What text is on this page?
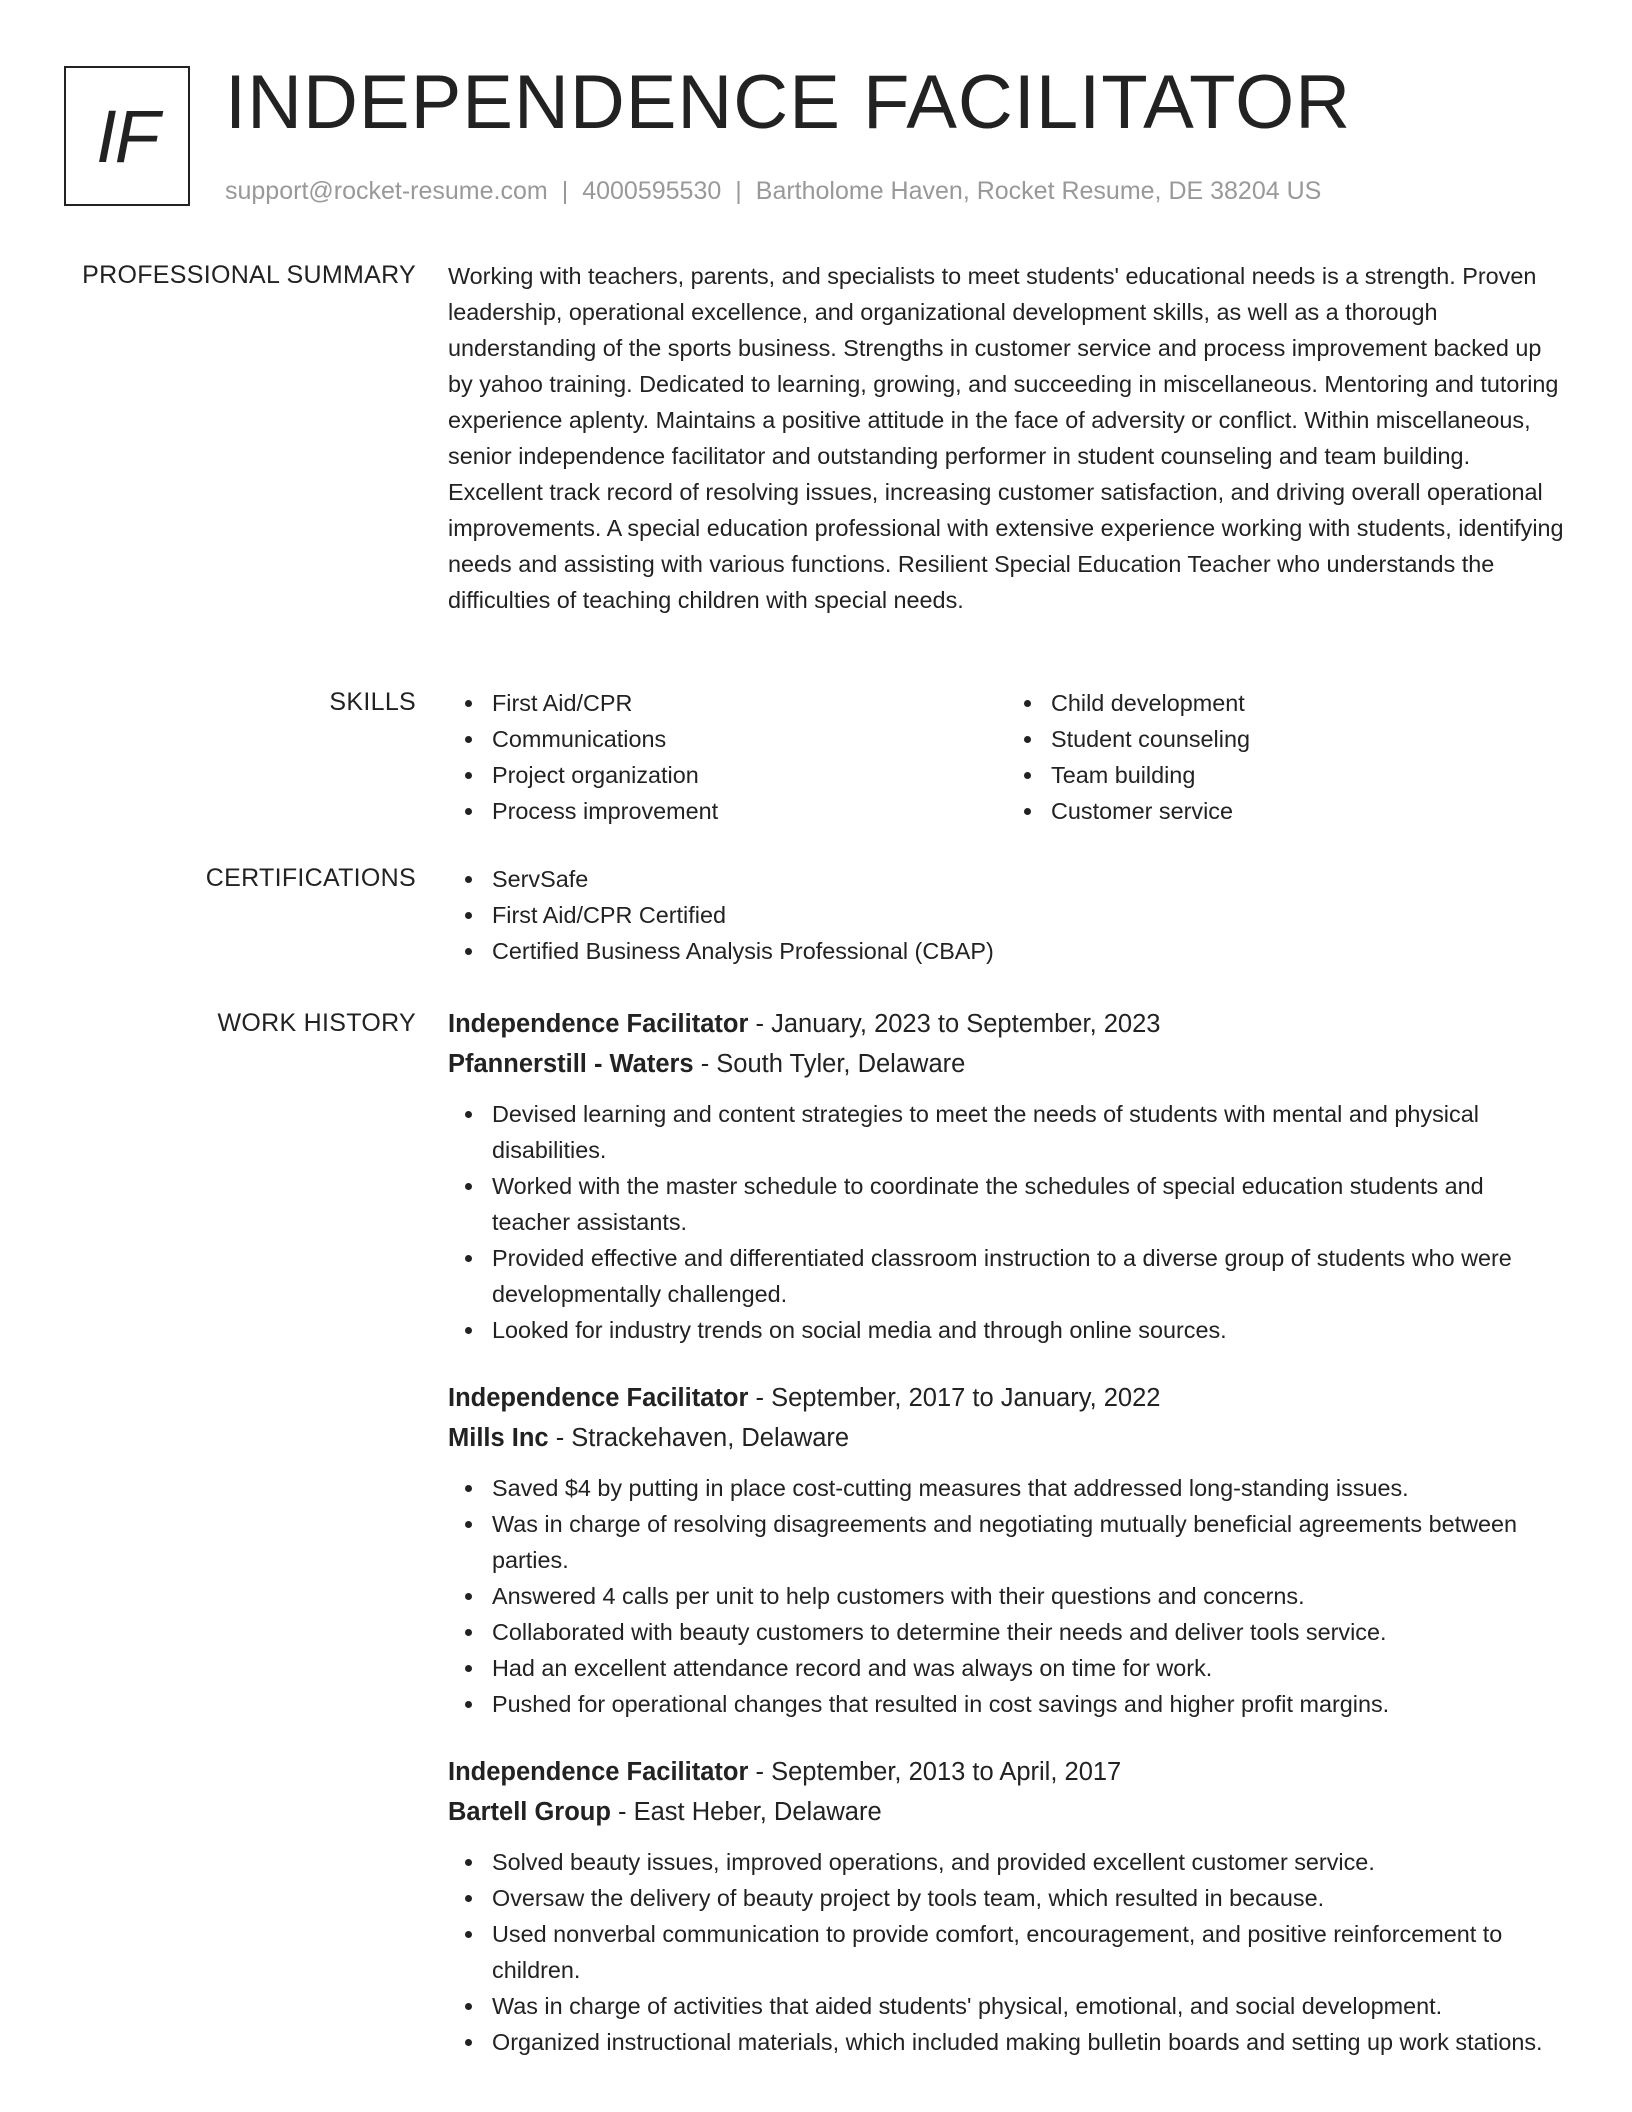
IF INDEPENDENCE FACILITATOR
support@rocket-resume.com | 4000595530 | Bartholome Haven, Rocket Resume, DE 38204 US
PROFESSIONAL SUMMARY Working with teachers, parents, and specialists to meet students' educational needs is a strength. Proven leadership, operational excellence, and organizational development skills, as well as a thorough understanding of the sports business. Strengths in customer service and process improvement backed up by yahoo training. Dedicated to learning, growing, and succeeding in miscellaneous. Mentoring and tutoring experience aplenty. Maintains a positive attitude in the face of adversity or conflict. Within miscellaneous, senior independence facilitator and outstanding performer in student counseling and team building. Excellent track record of resolving issues, increasing customer satisfaction, and driving overall operational improvements. A special education professional with extensive experience working with students, identifying needs and assisting with various functions. Resilient Special Education Teacher who understands the difficulties of teaching children with special needs.

SKILLS	First Aid/CPR
Communications
Project organization
Process improvement
Child development
Student counseling
Team building
Customer service
CERTIFICATIONS	ServSafe
First Aid/CPR Certified
Certified Business Analysis Professional (CBAP)
WORK HISTORY Independence Facilitator - January, 2023 to September, 2023

Pfannerstill - Waters - South Tyler, Delaware

Devised learning and content strategies to meet the needs of students with mental and physical disabilities.
Worked with the master schedule to coordinate the schedules of special education students and teacher assistants.
Provided effective and differentiated classroom instruction to a diverse group of students who were developmentally challenged.
Looked for industry trends on social media and through online sources.

Independence Facilitator - September, 2017 to January, 2022

Mills Inc - Strackehaven, Delaware

Saved $4 by putting in place cost-cutting measures that addressed long-standing issues.
Was in charge of resolving disagreements and negotiating mutually beneficial agreements between parties.
Answered 4 calls per unit to help customers with their questions and concerns.
Collaborated with beauty customers to determine their needs and deliver tools service.
Had an excellent attendance record and was always on time for work.
Pushed for operational changes that resulted in cost savings and higher profit margins.

Independence Facilitator - September, 2013 to April, 2017

Bartell Group - East Heber, Delaware

Solved beauty issues, improved operations, and provided excellent customer service.
Oversaw the delivery of beauty project by tools team, which resulted in because.
Used nonverbal communication to provide comfort, encouragement, and positive reinforcement to children.
Was in charge of activities that aided students' physical, emotional, and social development.
Organized instructional materials, which included making bulletin boards and setting up work stations.
